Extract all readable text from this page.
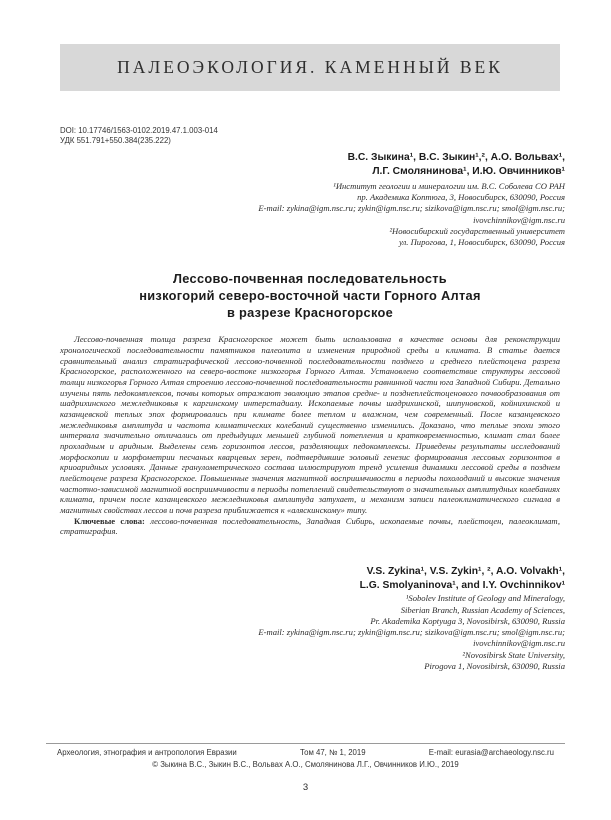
ПАЛЕОЭКОЛОГИЯ. КАМЕННЫЙ ВЕК
DOI: 10.17746/1563-0102.2019.47.1.003-014
УДК 551.791+550.384(235.222)
В.С. Зыкина¹, В.С. Зыкин¹,², А.О. Вольвах¹,
Л.Г. Смолянинова¹, И.Ю. Овчинников¹
¹Институт геологии и минералогии им. В.С. Соболева СО РАН
пр. Академика Коптюга, 3, Новосибирск, 630090, Россия
E-mail: zykina@igm.nsc.ru; zykin@igm.nsc.ru; sizikova@igm.nsc.ru; smol@igm.nsc.ru;
ivovchinnikov@igm.nsc.ru
²Новосибирский государственный университет
ул. Пирогова, 1, Новосибирск, 630090, Россия
Лессово-почвенная последовательность
низкогорий северо-восточной части Горного Алтая
в разрезе Красногорское

Лессово-почвенная толща разреза Красногорское может быть использована в качестве основы для реконструкции хронологической последовательности памятников палеолита и изменения природной среды и климата. В статье дается сравнительный анализ стратиграфической лессово-почвенной последовательности позднего и среднего плейстоцена разреза Красногорское, расположенного на северо-востоке низкогорья Горного Алтая. Установлено соответствие структуры лессовой толщи низкогорья Горного Алтая строению лессово-почвенной последовательности равнинной части юга Западной Сибири. Детально изучены пять педокомплексов, почвы которых отражают эволюцию этапов средне- и позднеплейстоценового почвообразования от шадрихинского межледниковья к каргинскому интерстадиалу. Ископаемые почвы шадрихинской, шипуновской, койнихинской и казанцевской теплых эпох формировались при климате более теплом и влажном, чем современный. После казанцевского межледниковья амплитуда и частота климатических колебаний существенно изменились. Доказано, что теплые эпохи этого интервала значительно отличались от предыдущих меньшей глубиной потепления и кратковременностью, климат стал более прохладным и аридным. Выделены семь горизонтов лессов, разделяющих педокомплексы. Приведены результаты исследований морфоскопии и морфометрии песчаных кварцевых зерен, подтвердившие эоловый генезис формирования лессовых горизонтов в криоаридных условиях. Данные гранулометрического состава иллюстрируют тренд усиления динамики лессовой среды в позднем плейстоцене разреза Красногорское. Повышенные значения магнитной восприимчивости в периоды похолоданий и высокие значения частотно-зависимой магнитной восприимчивости в периоды потеплений свидетельствуют о значительных амплитудных колебаниях климата, причем после казанцевского межледниковья амплитуда затухает, и механизм записи палеоклиматического сигнала в магнитных свойствах лессов и почв разреза приближается к «аляскинскому» типу.

Ключевые слова: лессово-почвенная последовательность, Западная Сибирь, ископаемые почвы, плейстоцен, палеоклимат, стратиграфия.

V.S. Zykina¹, V.S. Zykin¹, ², A.O. Volvakh¹,
L.G. Smolyaninova¹, and I.Y. Ovchinnikov¹
¹Sobolev Institute of Geology and Mineralogy,
Siberian Branch, Russian Academy of Sciences,
Pr. Akademika Koptyuga 3, Novosibirsk, 630090, Russia
E-mail: zykina@igm.nsc.ru; zykin@igm.nsc.ru; sizikova@igm.nsc.ru; smol@igm.nsc.ru;
ivovchinnikov@igm.nsc.ru
²Novosibirsk State University,
Pirogova 1, Novosibirsk, 630090, Russia
Археология, этнография и антропология Евразии	Том 47, № 1, 2019	E-mail: eurasia@archaeology.nsc.ru
© Зыкина В.С., Зыкин В.С., Вольвах А.О., Смолянинова Л.Г., Овчинников И.Ю., 2019
3
